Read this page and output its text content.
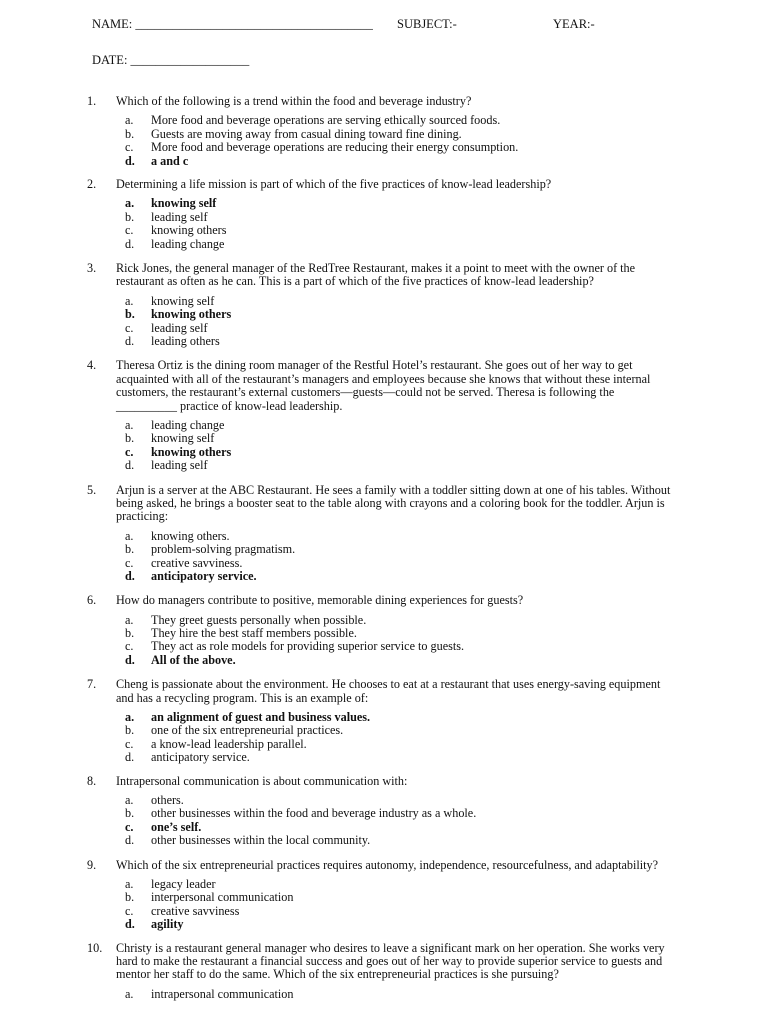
NAME: ______________________________________ SUBJECT:-	YEAR:-
DATE: ___________________
1. Which of the following is a trend within the food and beverage industry?
a. More food and beverage operations are serving ethically sourced foods.
b. Guests are moving away from casual dining toward fine dining.
c. More food and beverage operations are reducing their energy consumption.
d. a and c
2. Determining a life mission is part of which of the five practices of know-lead leadership?
a. knowing self
b. leading self
c. knowing others
d. leading change
3. Rick Jones, the general manager of the RedTree Restaurant, makes it a point to meet with the owner of the restaurant as often as he can. This is a part of which of the five practices of know-lead leadership?
a. knowing self
b. knowing others
c. leading self
d. leading others
4. Theresa Ortiz is the dining room manager of the Restful Hotel’s restaurant. She goes out of her way to get acquainted with all of the restaurant’s managers and employees because she knows that without these internal customers, the restaurant’s external customers—guests—could not be served. Theresa is following the __________ practice of know-lead leadership.
a. leading change
b. knowing self
c. knowing others
d. leading self
5. Arjun is a server at the ABC Restaurant. He sees a family with a toddler sitting down at one of his tables. Without being asked, he brings a booster seat to the table along with crayons and a coloring book for the toddler. Arjun is practicing:
a. knowing others.
b. problem-solving pragmatism.
c. creative savviness.
d. anticipatory service.
6. How do managers contribute to positive, memorable dining experiences for guests?
a. They greet guests personally when possible.
b. They hire the best staff members possible.
c. They act as role models for providing superior service to guests.
d. All of the above.
7. Cheng is passionate about the environment. He chooses to eat at a restaurant that uses energy-saving equipment and has a recycling program. This is an example of:
a. an alignment of guest and business values.
b. one of the six entrepreneurial practices.
c. a know-lead leadership parallel.
d. anticipatory service.
8. Intrapersonal communication is about communication with:
a. others.
b. other businesses within the food and beverage industry as a whole.
c. one’s self.
d. other businesses within the local community.
9. Which of the six entrepreneurial practices requires autonomy, independence, resourcefulness, and adaptability?
a. legacy leader
b. interpersonal communication
c. creative savviness
d. agility
10. Christy is a restaurant general manager who desires to leave a significant mark on her operation. She works very hard to make the restaurant a financial success and goes out of her way to provide superior service to guests and mentor her staff to do the same. Which of the six entrepreneurial practices is she pursuing?
a. intrapersonal communication
